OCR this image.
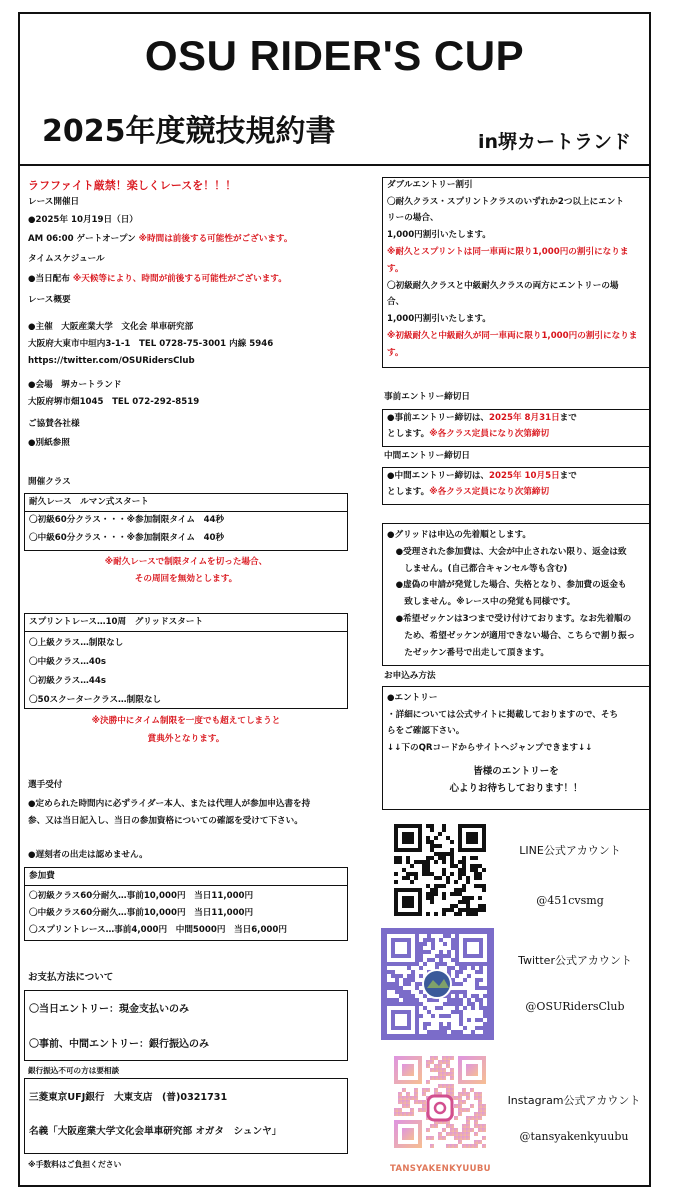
OSU RIDER'S CUP
2025年度競技規約書	in堺カートランド
ラフファイト厳禁！楽しくレースを！！！
レース開催日
●2025年 10月19日（日）
AM 06:00 ゲートオープン ※時間は前後する可能性がございます。
タイムスケジュール
●当日配布 ※天候等により、時間が前後する可能性がございます。
レース概要
●主催　大阪産業大学　文化会 単車研究部
大阪府大東市中垣内3-1-1　TEL 0728-75-3001 内線 5946
https://twitter.com/OSURidersClub
●会場　堺カートランド
大阪府堺市畑1045　TEL 072-292-8519
ご協賛各社様
●別紙参照
開催クラス
耐久レース　ルマン式スタート
〇初級60分クラス・・・※参加制限タイム　44秒
〇中級60分クラス・・・※参加制限タイム　40秒
※耐久レースで制限タイムを切った場合、
その周回を無効とします。
スプリントレース…10周　グリッドスタート
〇上級クラス…制限なし
〇中級クラス…40s
〇初級クラス…44s
〇50スクータークラス…制限なし
※決勝中にタイム制限を一度でも超えてしまうと
賞典外となります。
選手受付
●定められた時間内に必ずライダー本人、または代理人が参加申込書を持
参、又は当日記入し、当日の参加資格についての確認を受けて下さい。
●遅刻者の出走は認めません。
参加費
〇初級クラス60分耐久…事前10,000円　当日11,000円
〇中級クラス60分耐久…事前10,000円　当日11,000円
〇スプリントレース…事前4,000円　中間5000円　当日6,000円
お支払方法について
〇当日エントリー：現金支払いのみ
〇事前、中間エントリー：銀行振込のみ
銀行振込不可の方は要相談
三菱東京UFJ銀行　大東支店　(普)0321731
名義「大阪産業大学文化会単車研究部 オガタ　シュンヤ」
※手数料はご負担ください
ダブルエントリー割引
〇耐久クラス・スプリントクラスのいずれか2つ以上にエント
リーの場合、
1,000円割引いたします。
※耐久とスプリントは同一車両に限り1,000円の割引になりま
す。
〇初級耐久クラスと中級耐久クラスの両方にエントリーの場
合、
1,000円割引いたします。
※初級耐久と中級耐久が同一車両に限り1,000円の割引になりま
す。
事前エントリー締切日
●事前エントリー締切は、2025年 8月31日まで
とします。※各クラス定員になり次第締切
中間エントリー締切日
●中間エントリー締切は、2025年 10月5日まで
とします。※各クラス定員になり次第締切
●グリッドは申込の先着順とします。
　●受理された参加費は、大会が中止されない限り、返金は致
　　しません。(自己都合キャンセル等も含む)
　●虚偽の申請が発覚した場合、失格となり、参加費の返金も
　　致しません。※レース中の発覚も同様です。
　●希望ゼッケンは3つまで受け付けております。なお先着順の
　　ため、希望ゼッケンが適用できない場合、こちらで割り振っ
　　たゼッケン番号で出走して頂きます。
お申込み方法
●エントリー
・詳細については公式サイトに掲載しておりますので、そち
らをご確認下さい。
↓↓下のQRコードからサイトへジャンプできます↓↓
皆様のエントリーを
心よりお待ちしております！！
LINE公式アカウント
@451cvsmg
Twitter公式アカウント
@OSURidersClub
TANSYAKENKYUUBU
Instagram公式アカウント
@tansyakenkyuubu
